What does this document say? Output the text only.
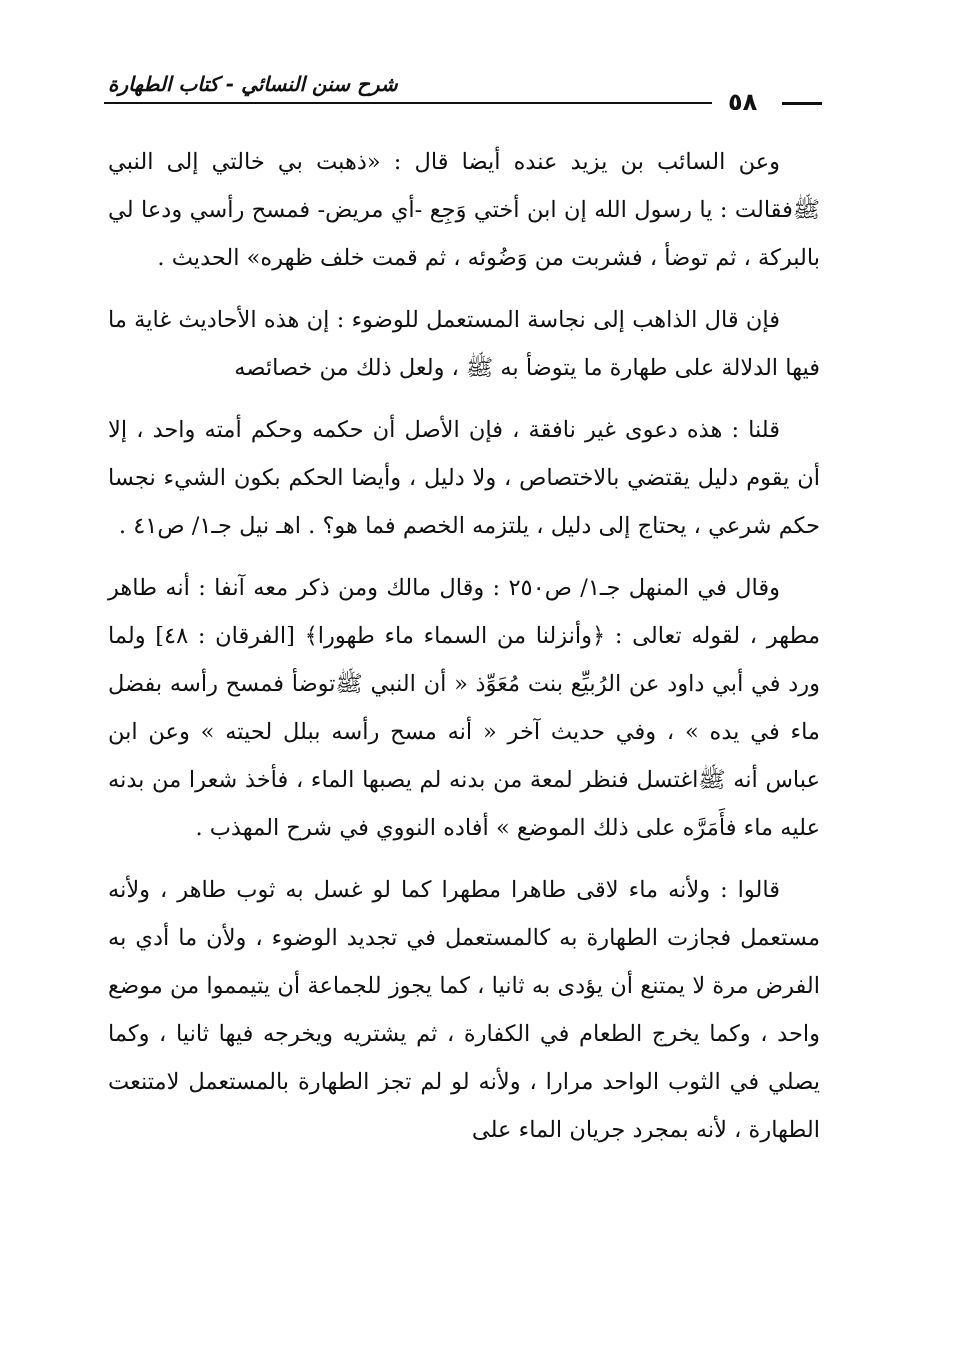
شرح سنن النسائي - كتاب الطهارة
٥٨

وعن السائب بن يزيد عنده أيضا قال : «ذهبت بي خالتي إلى النبي ﷺفقالت : يا رسول الله إن ابن أختي وَجِع -أي مريض- فمسح رأسي ودعا لي بالبركة ، ثم توضأ ، فشربت من وَضُوئه ، ثم قمت خلف ظهره» الحديث .

فإن قال الذاهب إلى نجاسة المستعمل للوضوء : إن هذه الأحاديث غاية ما فيها الدلالة على طهارة ما يتوضأ به ﷺ ، ولعل ذلك من خصائصه

قلنا : هذه دعوى غير نافقة ، فإن الأصل أن حكمه وحكم أمته واحد ، إلا أن يقوم دليل يقتضي بالاختصاص ، ولا دليل ، وأيضا الحكم بكون الشيء نجسا حكم شرعي ، يحتاج إلى دليل ، يلتزمه الخصم فما هو؟ . اهـ نيل جـ١/ ص٤١ .

وقال في المنهل جـ١/ ص٢٥٠ : وقال مالك ومن ذكر معه آنفا : أنه طاهر مطهر ، لقوله تعالى : ﴿وأنزلنا من السماء ماء طهورا﴾ [الفرقان : ٤٨] ولما ورد في أبي داود عن الرُبيِّع بنت مُعَوِّذ « أن النبي ﷺتوضأ فمسح رأسه بفضل ماء في يده » ، وفي حديث آخر « أنه مسح رأسه ببلل لحيته » وعن ابن عباس أنه ﷺاغتسل فنظر لمعة من بدنه لم يصبها الماء ، فأخذ شعرا من بدنه عليه ماء فأَمَرَّه على ذلك الموضع » أفاده النووي في شرح المهذب .

قالوا : ولأنه ماء لاقى طاهرا مطهرا كما لو غسل به ثوب طاهر ، ولأنه مستعمل فجازت الطهارة به كالمستعمل في تجديد الوضوء ، ولأن ما أدي به الفرض مرة لا يمتنع أن يؤدى به ثانيا ، كما يجوز للجماعة أن يتيمموا من موضع واحد ، وكما يخرج الطعام في الكفارة ، ثم يشتريه ويخرجه فيها ثانيا ، وكما يصلي في الثوب الواحد مرارا ، ولأنه لو لم تجز الطهارة بالمستعمل لامتنعت الطهارة ، لأنه بمجرد جريان الماء على
